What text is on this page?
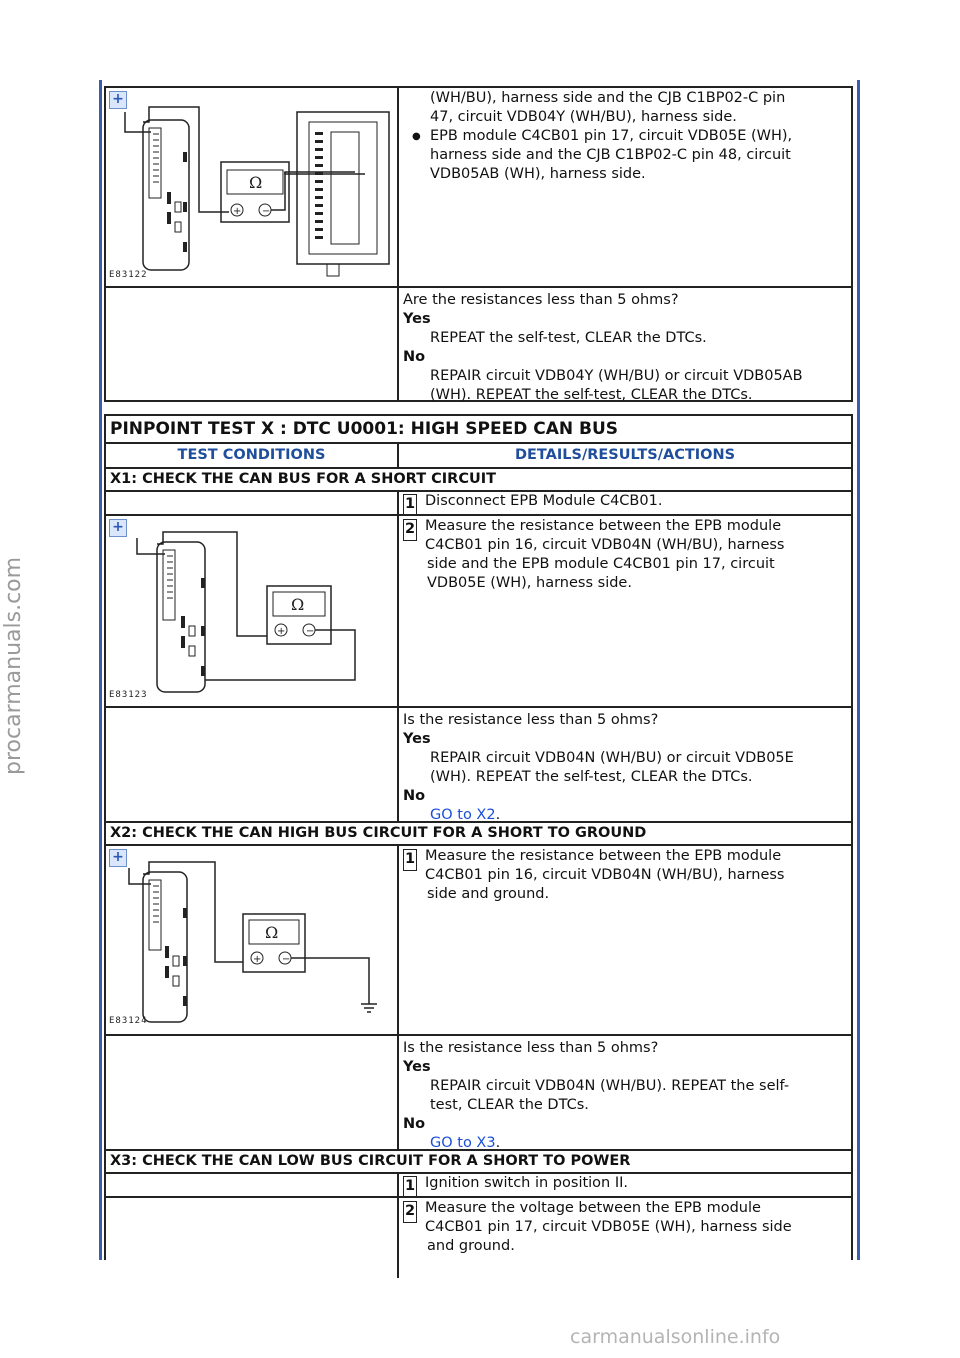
procarmanuals.com
+
Ω
+ −
E83122
(WH/BU), harness side and the CJB C1BP02-C pin
47, circuit VDB04Y (WH/BU), harness side.
● EPB module C4CB01 pin 17, circuit VDB05E (WH),
harness side and the CJB C1BP02-C pin 48, circuit
VDB05AB (WH), harness side.
Are the resistances less than 5 ohms?
Yes
REPEAT the self-test, CLEAR the DTCs.
No
REPAIR circuit VDB04Y (WH/BU) or circuit VDB05AB
(WH). REPEAT the self-test, CLEAR the DTCs.
PINPOINT TEST X : DTC U0001: HIGH SPEED CAN BUS
TEST CONDITIONS	DETAILS/RESULTS/ACTIONS
X1: CHECK THE CAN BUS FOR A SHORT CIRCUIT
1 Disconnect EPB Module C4CB01.
+
Ω
+ −
E83123
2 Measure the resistance between the EPB module
C4CB01 pin 16, circuit VDB04N (WH/BU), harness
side and the EPB module C4CB01 pin 17, circuit
VDB05E (WH), harness side.
Is the resistance less than 5 ohms?
Yes
REPAIR circuit VDB04N (WH/BU) or circuit VDB05E
(WH). REPEAT the self-test, CLEAR the DTCs.
No
GO to X2.
X2: CHECK THE CAN HIGH BUS CIRCUIT FOR A SHORT TO GROUND
+
Ω
+ −
E83124
1 Measure the resistance between the EPB module
C4CB01 pin 16, circuit VDB04N (WH/BU), harness
side and ground.
Is the resistance less than 5 ohms?
Yes
REPAIR circuit VDB04N (WH/BU). REPEAT the self-
test, CLEAR the DTCs.
No
GO to X3.
X3: CHECK THE CAN LOW BUS CIRCUIT FOR A SHORT TO POWER
1 Ignition switch in position II.
2 Measure the voltage between the EPB module
C4CB01 pin 17, circuit VDB05E (WH), harness side
and ground.
carmanualsonline.info
